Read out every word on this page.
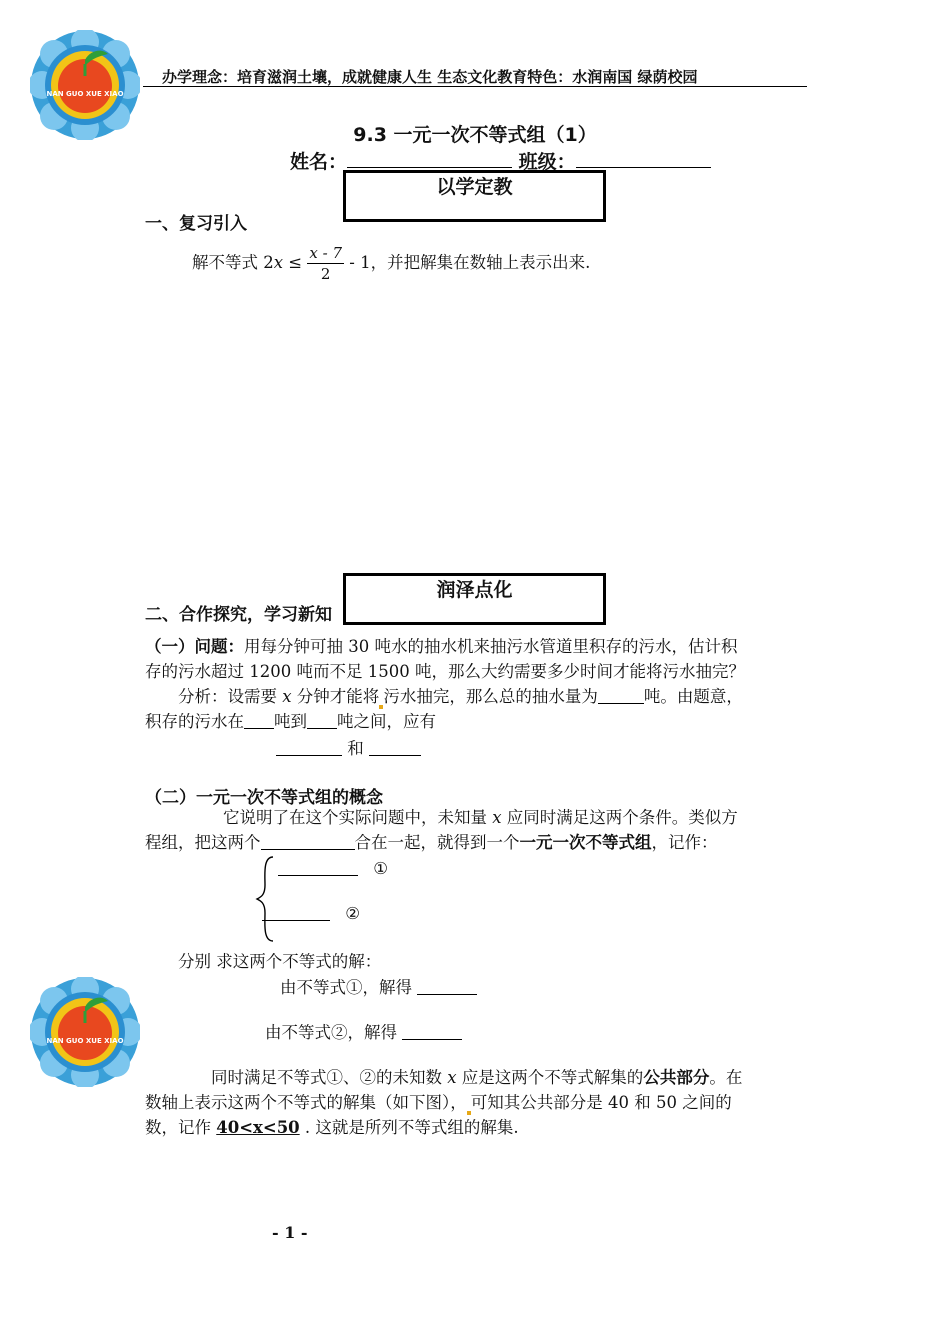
NAN GUO XUE XIAO
办学理念：培育滋润土壤，成就健康人生 生态文化教育特色：水润南国 绿荫校园
9.3 一元一次不等式组（1）
姓名：	班级：
以学定教
一、复习引入
解不等式 $2x \le \frac{x - 7}{2} - 1$，并把解集在数轴上表示出来.
润泽点化
二、合作探究，学习新知
（一）问题：用每分钟可抽 30 吨水的抽水机来抽污水管道里积存的污水，估计积
存的污水超过 1200 吨而不足 1500 吨，那么大约需要多少时间才能将污水抽完？
分析：设需要 x 分钟才能将 污水抽完，那么总的抽水量为	吨。由题意，
积存的污水在 吨到 吨之间，应有
和
（二）一元一次不等式组的概念
它说明了在这个实际问题中，未知量 x 应同时满足这两个条件。类似方
程组，把这两个	合在一起，就得到一个一元一次不等式组，记作：
①
②
分别 求这两个不等式的解：
由不等式①，解得
由不等式②，解得
NAN GUO XUE XIAO
同时满足不等式①、②的未知数 x 应是这两个不等式解集的公共部分。在
数轴上表示这两个不等式的解集（如下图）， 可知其公共部分是 40 和 50 之间的
数，记作 40<x<50 . 这就是所列不等式组的解集.
- 1 -
